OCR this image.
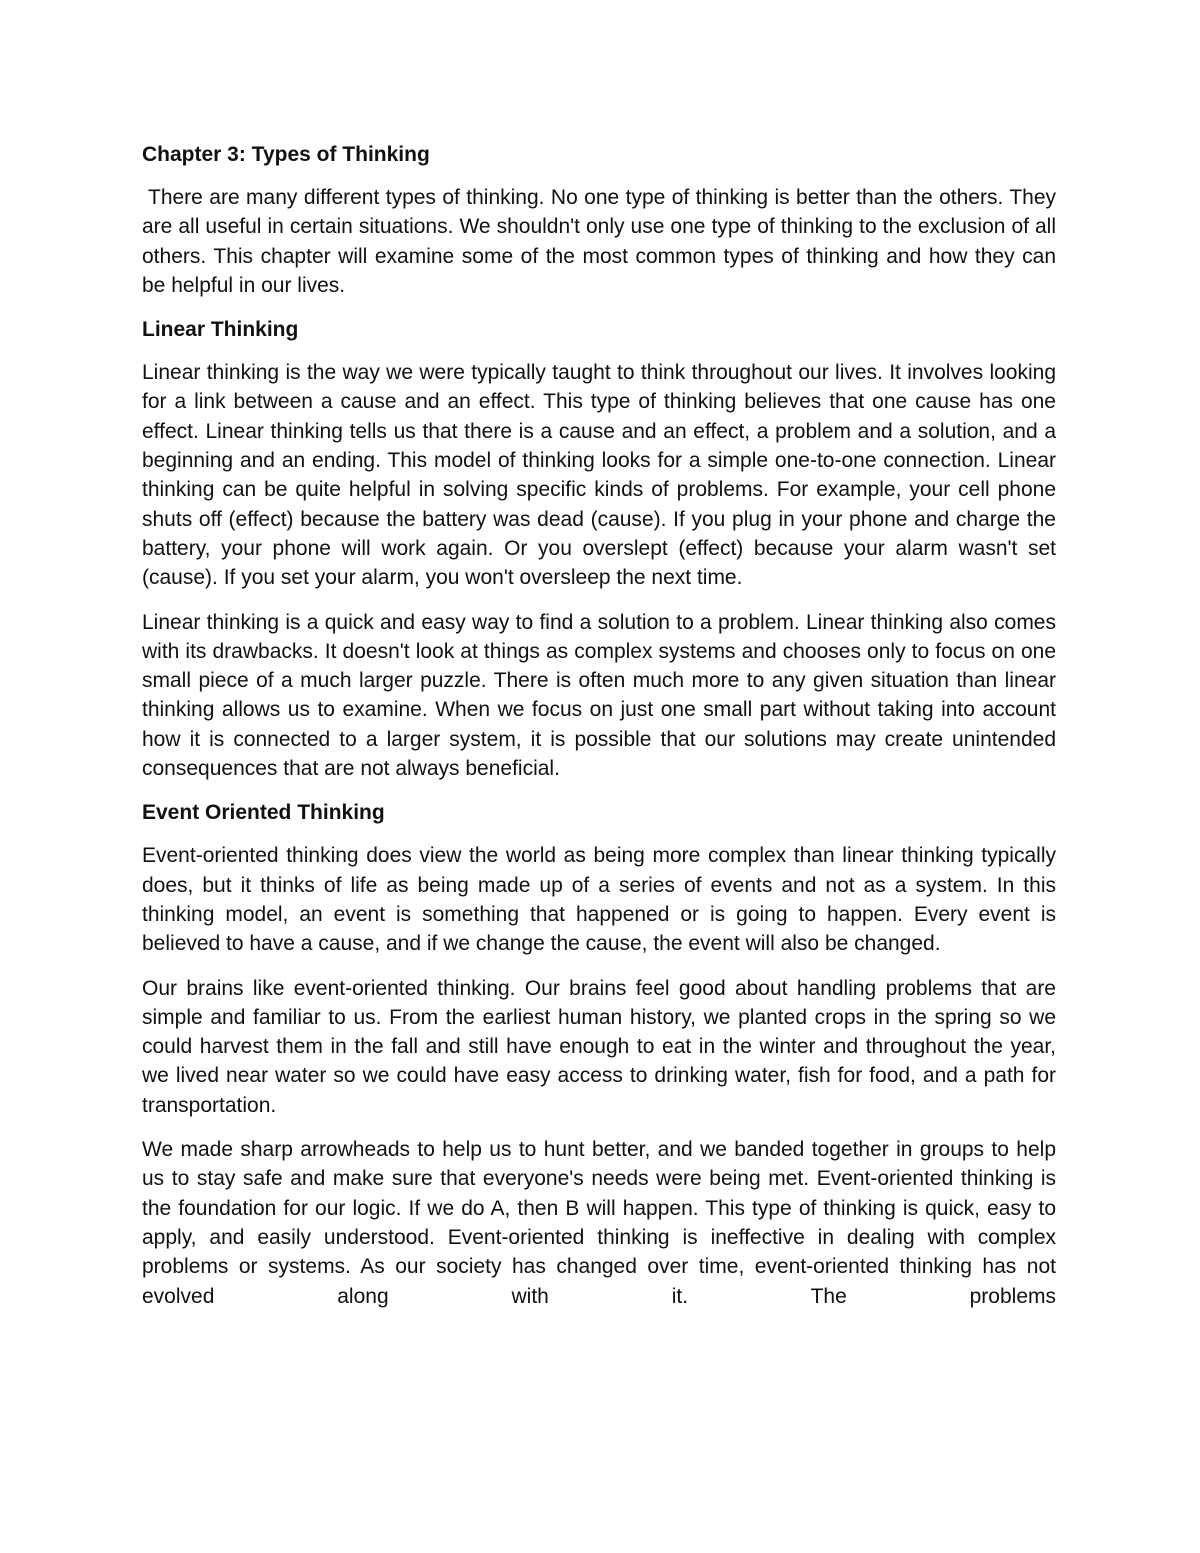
Chapter 3: Types of Thinking

There are many different types of thinking. No one type of thinking is better than the others. They are all useful in certain situations. We shouldn't only use one type of thinking to the exclusion of all others. This chapter will examine some of the most common types of thinking and how they can be helpful in our lives.

Linear Thinking

Linear thinking is the way we were typically taught to think throughout our lives. It involves looking for a link between a cause and an effect. This type of thinking believes that one cause has one effect. Linear thinking tells us that there is a cause and an effect, a problem and a solution, and a beginning and an ending. This model of thinking looks for a simple one-to-one connection. Linear thinking can be quite helpful in solving specific kinds of problems. For example, your cell phone shuts off (effect) because the battery was dead (cause). If you plug in your phone and charge the battery, your phone will work again. Or you overslept (effect) because your alarm wasn't set (cause). If you set your alarm, you won't oversleep the next time.

Linear thinking is a quick and easy way to find a solution to a problem. Linear thinking also comes with its drawbacks. It doesn't look at things as complex systems and chooses only to focus on one small piece of a much larger puzzle. There is often much more to any given situation than linear thinking allows us to examine. When we focus on just one small part without taking into account how it is connected to a larger system, it is possible that our solutions may create unintended consequences that are not always beneficial.

Event Oriented Thinking

Event-oriented thinking does view the world as being more complex than linear thinking typically does, but it thinks of life as being made up of a series of events and not as a system. In this thinking model, an event is something that happened or is going to happen. Every event is believed to have a cause, and if we change the cause, the event will also be changed.

Our brains like event-oriented thinking. Our brains feel good about handling problems that are simple and familiar to us. From the earliest human history, we planted crops in the spring so we could harvest them in the fall and still have enough to eat in the winter and throughout the year, we lived near water so we could have easy access to drinking water, fish for food, and a path for transportation.

We made sharp arrowheads to help us to hunt better, and we banded together in groups to help us to stay safe and make sure that everyone's needs were being met. Event-oriented thinking is the foundation for our logic. If we do A, then B will happen. This type of thinking is quick, easy to apply, and easily understood. Event-oriented thinking is ineffective in dealing with complex problems or systems. As our society has changed over time, event-oriented thinking has not evolved along with it. The problems
